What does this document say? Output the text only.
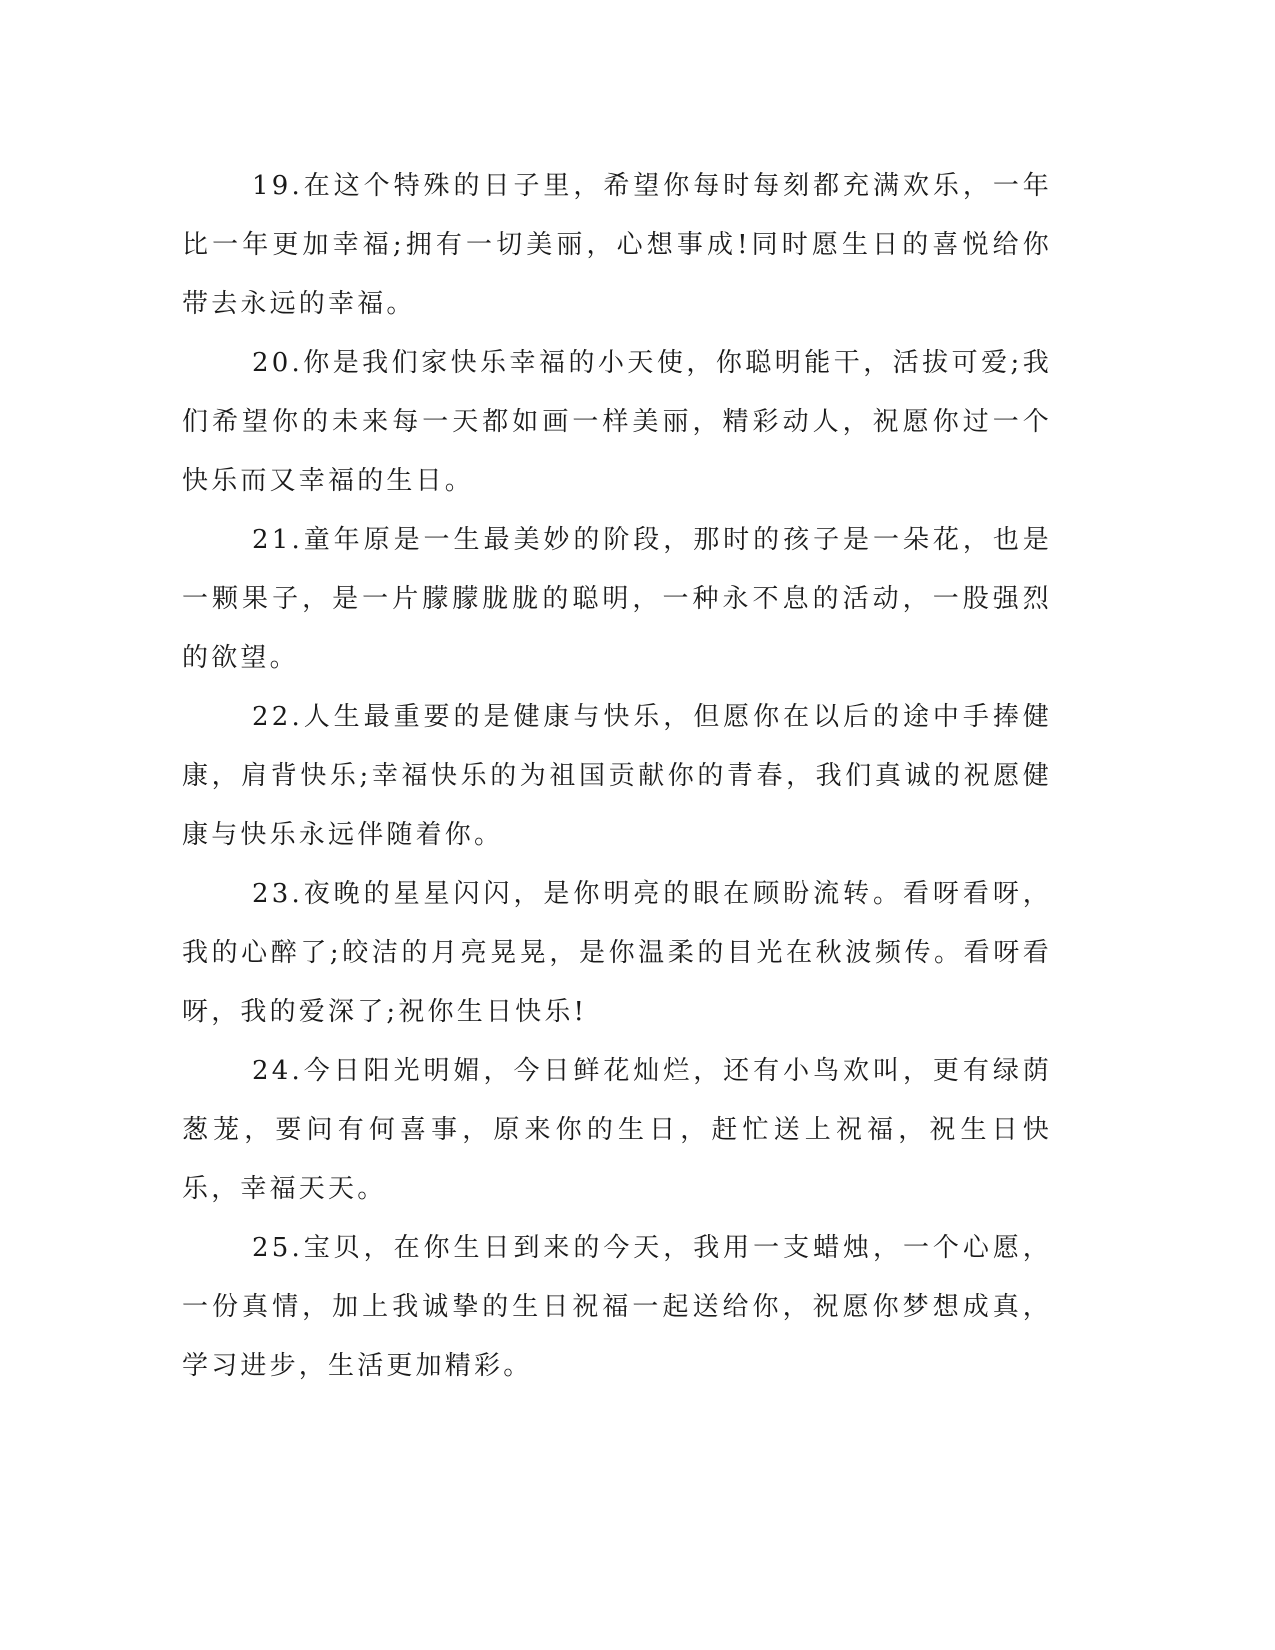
19.在这个特殊的日子里，希望你每时每刻都充满欢乐，一年比一年更加幸福;拥有一切美丽，心想事成!同时愿生日的喜悦给你带去永远的幸福。

20.你是我们家快乐幸福的小天使，你聪明能干，活拔可爱;我们希望你的未来每一天都如画一样美丽，精彩动人，祝愿你过一个快乐而又幸福的生日。

21.童年原是一生最美妙的阶段，那时的孩子是一朵花，也是一颗果子，是一片朦朦胧胧的聪明，一种永不息的活动，一股强烈的欲望。

22.人生最重要的是健康与快乐，但愿你在以后的途中手捧健康，肩背快乐;幸福快乐的为祖国贡献你的青春，我们真诚的祝愿健康与快乐永远伴随着你。

23.夜晚的星星闪闪，是你明亮的眼在顾盼流转。看呀看呀，我的心醉了;皎洁的月亮晃晃，是你温柔的目光在秋波频传。看呀看呀，我的爱深了;祝你生日快乐!

24.今日阳光明媚，今日鲜花灿烂，还有小鸟欢叫，更有绿荫葱茏，要问有何喜事，原来你的生日，赶忙送上祝福，祝生日快乐，幸福天天。

25.宝贝，在你生日到来的今天，我用一支蜡烛，一个心愿，一份真情，加上我诚挚的生日祝福一起送给你，祝愿你梦想成真，学习进步，生活更加精彩。
